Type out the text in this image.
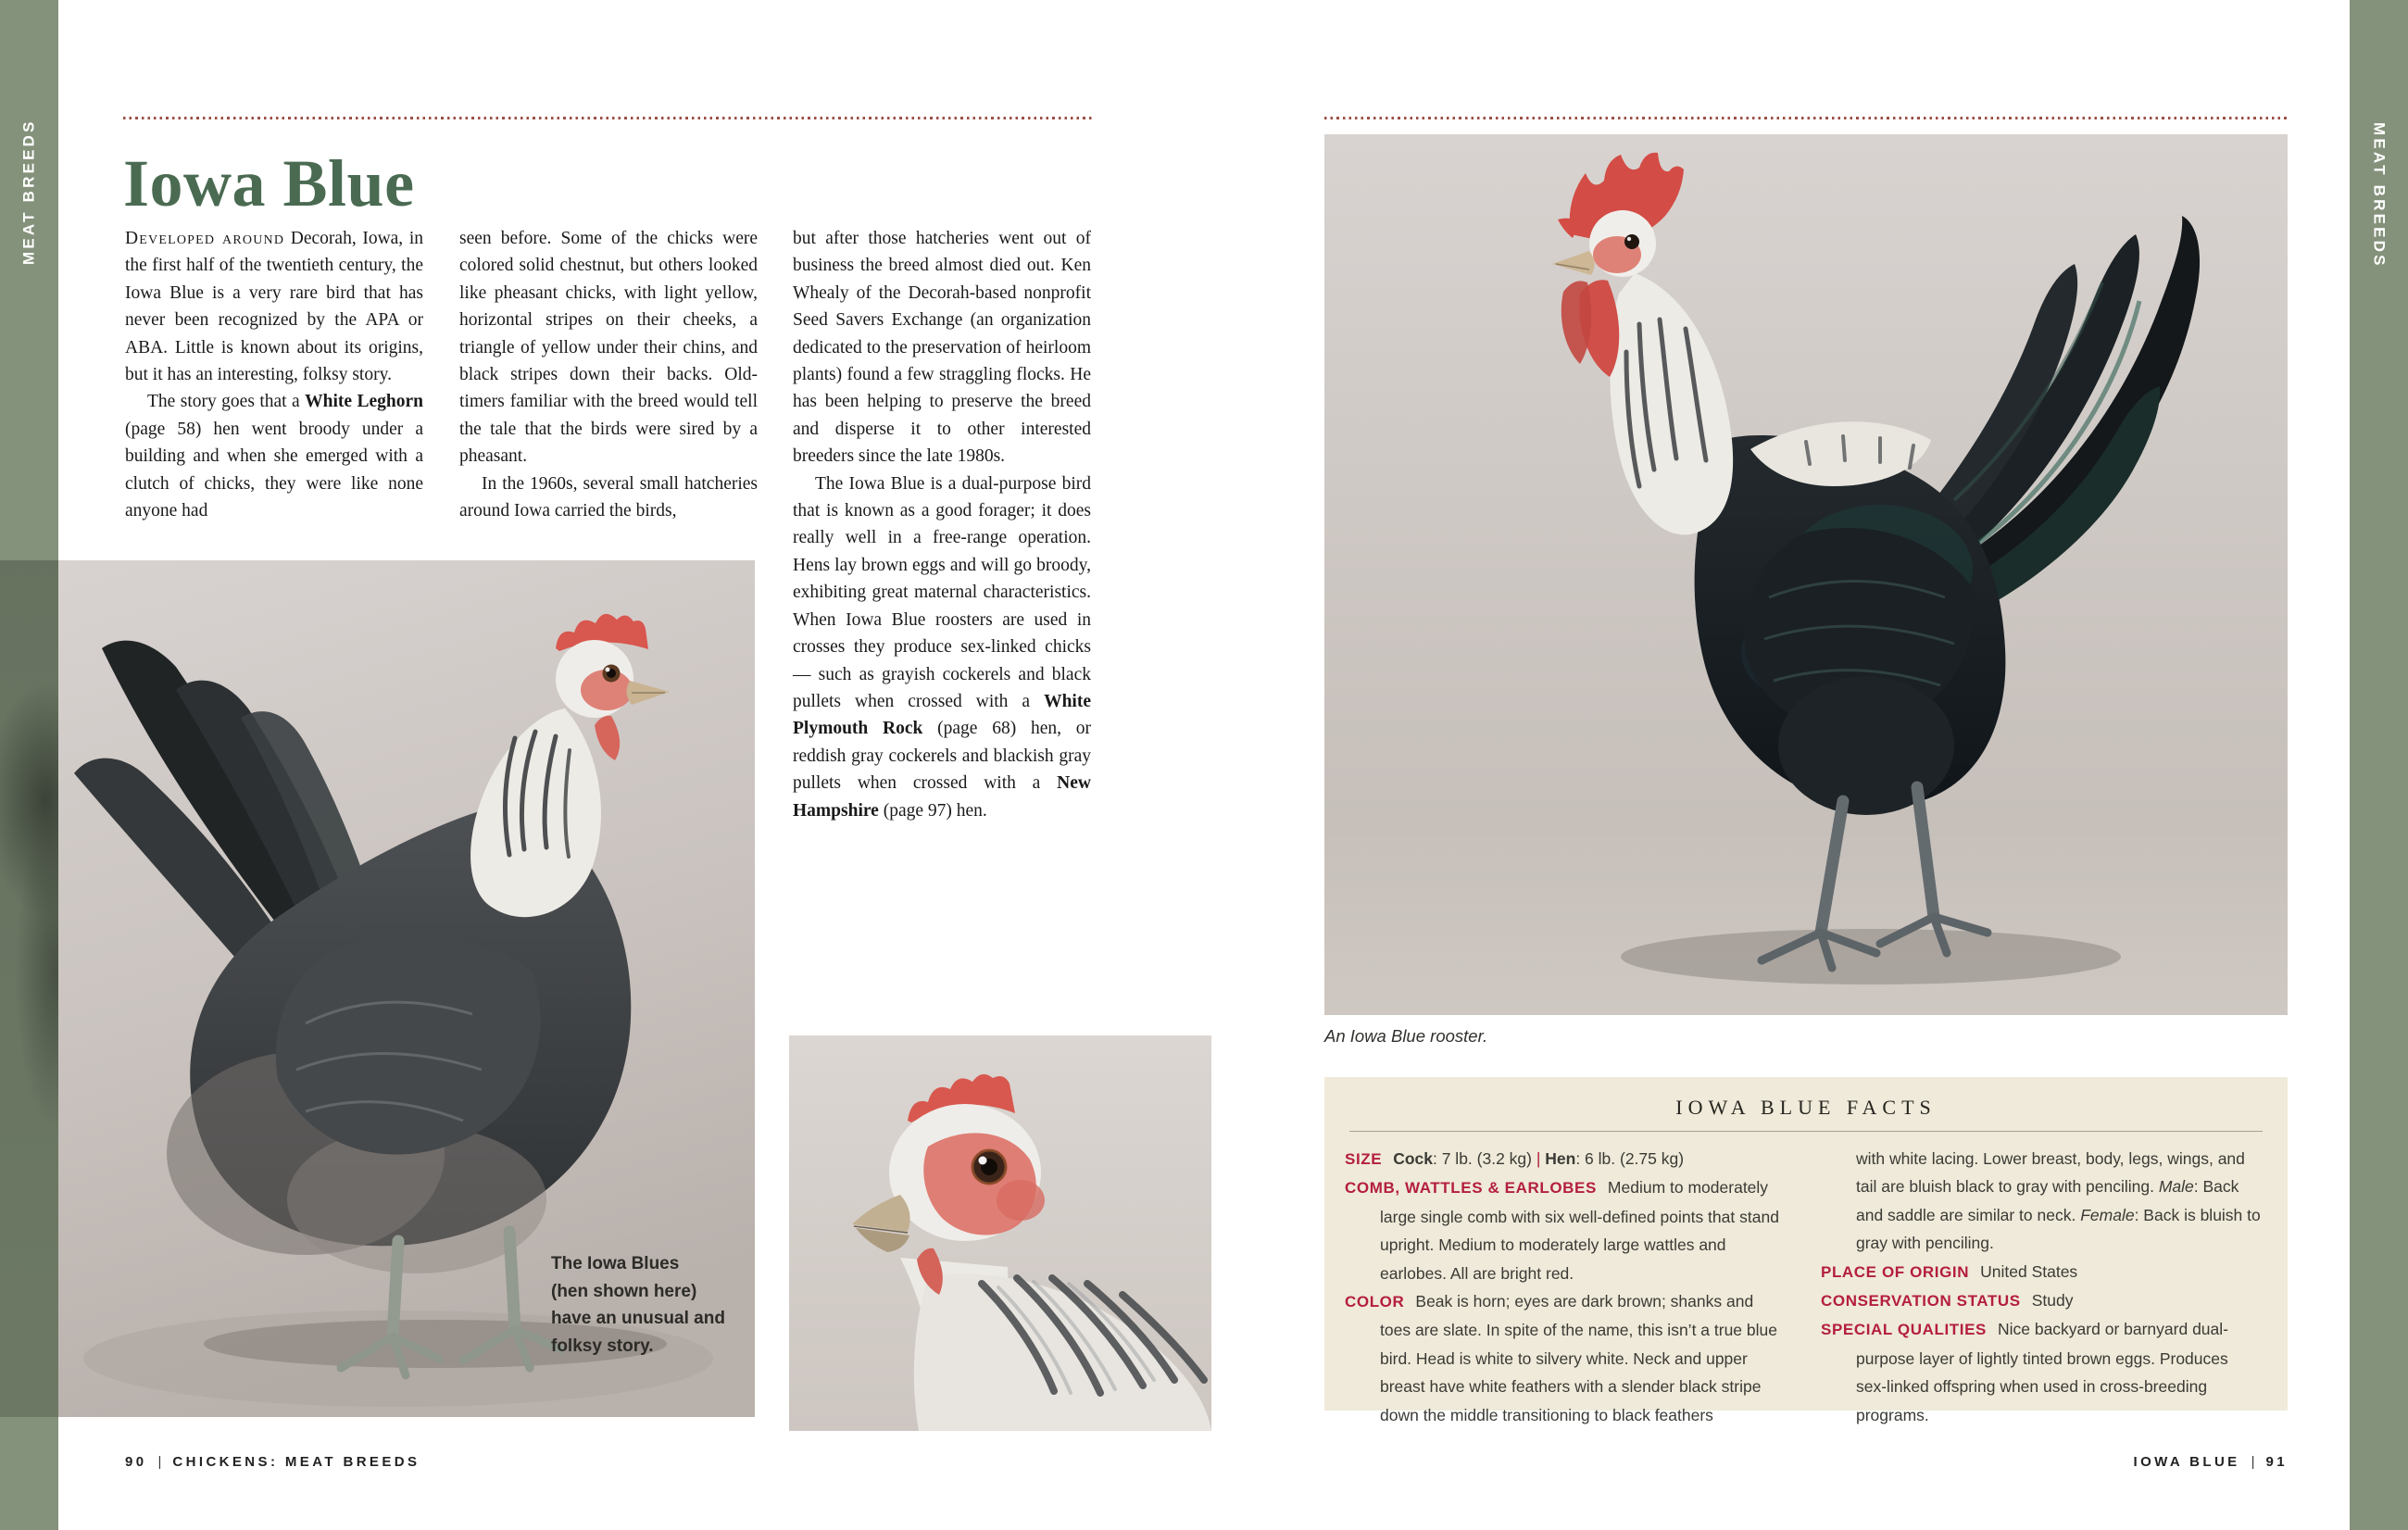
The Iowa Blues
(hen shown here)
have an unusual and
folksy story.
MEAT BREEDS	MEAT BREEDS
Iowa Blue

Developed around Decorah, Iowa, in the first half of the twentieth century, the Iowa Blue is a very rare bird that has never been recognized by the APA or ABA. Little is known about its origins, but it has an interesting, folksy story.

The story goes that a White Leghorn (page 58) hen went broody under a building and when she emerged with a clutch of chicks, they were like none anyone had

seen before. Some of the chicks were colored solid chestnut, but others looked like pheasant chicks, with light yellow, horizontal stripes on their cheeks, a triangle of yellow under their chins, and black stripes down their backs. Old-timers familiar with the breed would tell the tale that the birds were sired by a pheasant.

In the 1960s, several small hatcheries around Iowa carried the birds,

but after those hatcheries went out of business the breed almost died out. Ken Whealy of the Decorah-based nonprofit Seed Savers Exchange (an organization dedicated to the preservation of heirloom plants) found a few straggling flocks. He has been helping to preserve the breed and disperse it to other interested breeders since the late 1980s.

The Iowa Blue is a dual-purpose bird that is known as a good forager; it does really well in a free-range operation. Hens lay brown eggs and will go broody, exhibiting great maternal characteristics. When Iowa Blue roosters are used in crosses they produce sex-linked chicks — such as grayish cockerels and black pullets when crossed with a White Plymouth Rock (page 68) hen, or reddish gray cockerels and blackish gray pullets when crossed with a New Hampshire (page 97) hen.

An Iowa Blue rooster.
IOWA BLUE FACTS
SIZE Cock: 7 lb. (3.2 kg) | Hen: 6 lb. (2.75 kg)
COMB, WATTLES & EARLOBES Medium to moderately large single comb with six well-defined points that stand upright. Medium to moderately large wattles and earlobes. All are bright red.
COLOR Beak is horn; eyes are dark brown; shanks and toes are slate. In spite of the name, this isn’t a true blue bird. Head is white to silvery white. Neck and upper breast have white feathers with a slender black stripe down the middle transitioning to black feathers
with white lacing. Lower breast, body, legs, wings, and tail are bluish black to gray with penciling. Male: Back and saddle are similar to neck. Female: Back is bluish to gray with penciling.
PLACE OF ORIGIN United States
CONSERVATION STATUS Study
SPECIAL QUALITIES Nice backyard or barnyard dual-purpose layer of lightly tinted brown eggs. Produces sex-linked offspring when used in cross-breeding programs.
90 | CHICKENS: MEAT BREEDS	IOWA BLUE | 91
